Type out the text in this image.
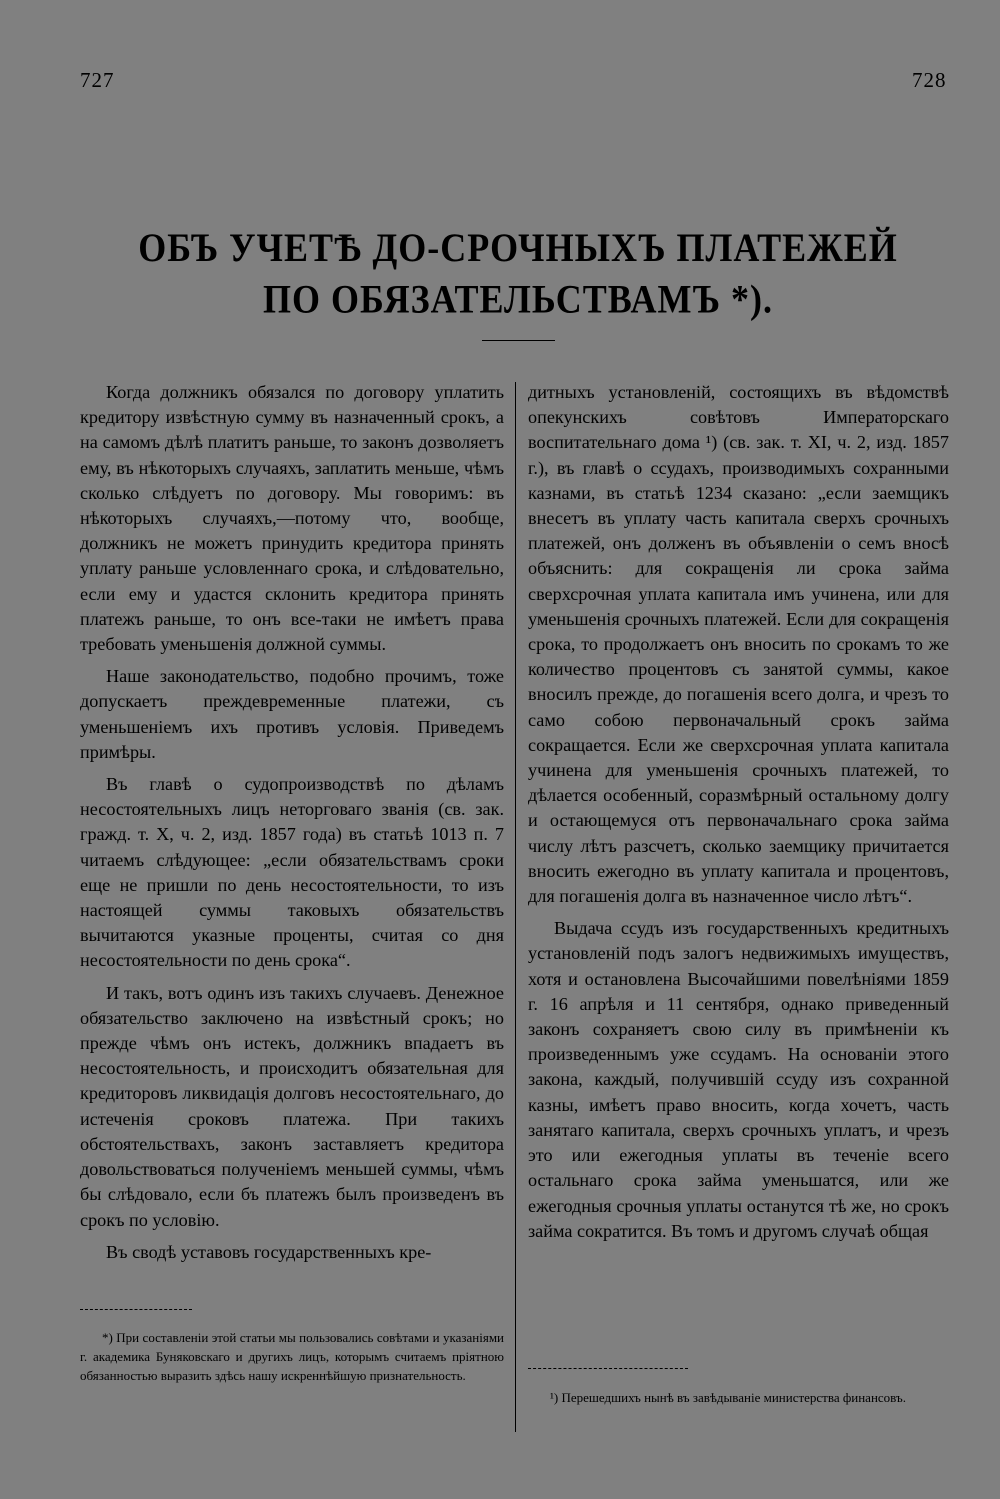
727	728
ОБЪ УЧЕТѢ ДО-СРОЧНЫХЪ ПЛАТЕЖЕЙ
ПО ОБЯЗАТЕЛЬСТВАМЪ *).

Когда должникъ обязался по договору уплатить кредитору извѣстную сумму въ назначенный срокъ, а на самомъ дѣлѣ платитъ раньше, то законъ дозволяетъ ему, въ нѣкоторыхъ случаяхъ, заплатить меньше, чѣмъ сколько слѣдуетъ по договору. Мы говоримъ: въ нѣкоторыхъ случаяхъ,—потому что, вообще, должникъ не можетъ принудить кредитора принять уплату раньше условленнаго срока, и слѣдовательно, если ему и удастся склонить кредитора принять платежъ раньше, то онъ все-таки не имѣетъ права требовать уменьшенія должной суммы.

Наше законодательство, подобно прочимъ, тоже допускаетъ преждевременные платежи, съ уменьшеніемъ ихъ противъ условія. Приведемъ примѣры.

Въ главѣ о судопроизводствѣ по дѣламъ несостоятельныхъ лицъ неторговаго званія (св. зак. гражд. т. X, ч. 2, изд. 1857 года) въ статьѣ 1013 п. 7 читаемъ слѣдующее: „если обязательствамъ сроки еще не пришли по день несостоятельности, то изъ настоящей суммы таковыхъ обязательствъ вычитаются указные проценты, считая со дня несостоятельности по день срока“.

И такъ, вотъ одинъ изъ такихъ случаевъ. Денежное обязательство заключено на извѣстный срокъ; но прежде чѣмъ онъ истекъ, должникъ впадаетъ въ несостоятельность, и происходитъ обязательная для кредиторовъ ликвидація долговъ несостоятельнаго, до истеченія сроковъ платежа. При такихъ обстоятельствахъ, законъ заставляетъ кредитора довольствоваться полученіемъ меньшей суммы, чѣмъ бы слѣдовало, если бъ платежъ былъ произведенъ въ срокъ по условію.

Въ сводѣ уставовъ государственныхъ кре-

дитныхъ установленій, состоящихъ въ вѣдомствѣ опекунскихъ совѣтовъ Императорскаго воспитательнаго дома ¹) (св. зак. т. XI, ч. 2, изд. 1857 г.), въ главѣ о ссудахъ, производимыхъ сохранными казнами, въ статьѣ 1234 сказано: „если заемщикъ внесетъ въ уплату часть капитала сверхъ срочныхъ платежей, онъ долженъ въ объявленіи о семъ вносѣ объяснить: для сокращенія ли срока займа сверхсрочная уплата капитала имъ учинена, или для уменьшенія срочныхъ платежей. Если для сокращенія срока, то продолжаетъ онъ вносить по срокамъ то же количество процентовъ съ занятой суммы, какое вносилъ прежде, до погашенія всего долга, и чрезъ то само собою первоначальный срокъ займа сокращается. Если же сверхсрочная уплата капитала учинена для уменьшенія срочныхъ платежей, то дѣлается особенный, соразмѣрный остальному долгу и остающемуся отъ первоначальнаго срока займа числу лѣтъ разсчетъ, сколько заемщику причитается вносить ежегодно въ уплату капитала и процентовъ, для погашенія долга въ назначенное число лѣтъ“.

Выдача ссудъ изъ государственныхъ кредитныхъ установленій подъ залогъ недвижимыхъ имуществъ, хотя и остановлена Высочайшими повелѣніями 1859 г. 16 апрѣля и 11 сентября, однако приведенный законъ сохраняетъ свою силу въ примѣненіи къ произведеннымъ уже ссудамъ. На основаніи этого закона, каждый, получившій ссуду изъ сохранной казны, имѣетъ право вносить, когда хочетъ, часть занятаго капитала, сверхъ срочныхъ уплатъ, и чрезъ это или ежегодныя уплаты въ теченіе всего остальнаго срока займа уменьшатся, или же ежегодныя срочныя уплаты останутся тѣ же, но срокъ займа сократится. Въ томъ и другомъ случаѣ общая

*) При составленіи этой статьи мы пользовались совѣтами и указаніями г. академика Буняковскаго и другихъ лицъ, которымъ считаемъ пріятною обязанностью выразить здѣсь нашу искреннѣйшую признательность.

¹) Перешедшихъ нынѣ въ завѣдываніе министерства финансовъ.
